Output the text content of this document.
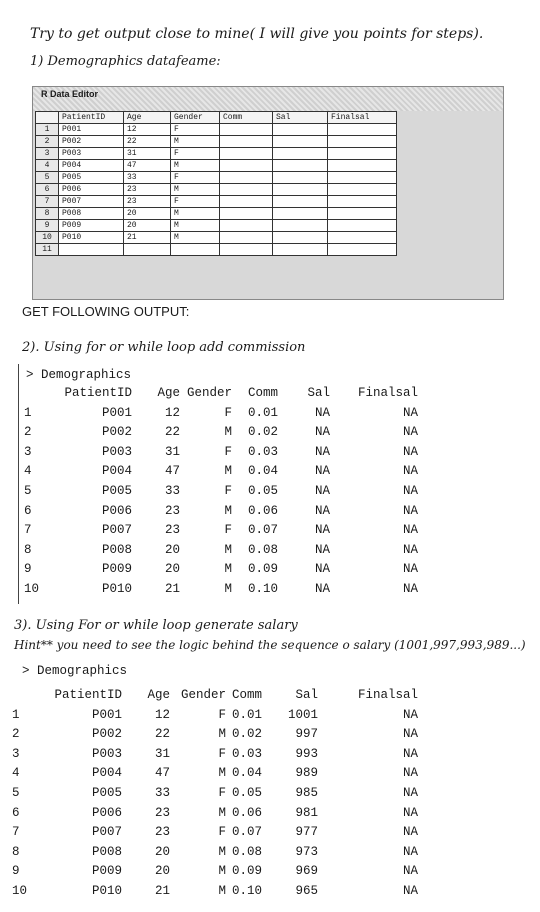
Try to get output close to mine( I will give you points for steps).
1) Demographics datafeame:
R Data Editor
	PatientID	Age	Gender	Comm	Sal	Finalsal
1	P001	12	F			
2	P002	22	M			
3	P003	31	F			
4	P004	47	M			
5	P005	33	F			
6	P006	23	M			
7	P007	23	F			
8	P008	20	M			
9	P009	20	M			
10	P010	21	M			
11						
GET FOLLOWING OUTPUT:
2). Using for or while loop add commission
> Demographics
PatientID Age Gender Comm Sal Finalsal
1	P001	12	F 0.01	NA	NA
2	P002	22	M 0.02	NA	NA
3	P003	31	F 0.03	NA	NA
4	P004	47	M 0.04	NA	NA
5	P005	33	F 0.05	NA	NA
6	P006	23	M 0.06	NA	NA
7	P007	23	F 0.07	NA	NA
8	P008	20	M 0.08	NA	NA
9	P009	20	M 0.09	NA	NA
10	P010	21	M 0.10	NA	NA
3). Using For or while loop generate salary
Hint** you need to see the logic behind the sequence o salary (1001,997,993,989...)
> Demographics
PatientID Age Gender Comm	Sal	Finalsal
1	P001	12	F 0.01 1001	NA
2	P002	22	M 0.02	997	NA
3	P003	31	F 0.03	993	NA
4	P004	47	M 0.04	989	NA
5	P005	33	F 0.05	985	NA
6	P006	23	M 0.06	981	NA
7	P007	23	F 0.07	977	NA
8	P008	20	M 0.08	973	NA
9	P009	20	M 0.09	969	NA
10	P010	21	M 0.10	965	NA
